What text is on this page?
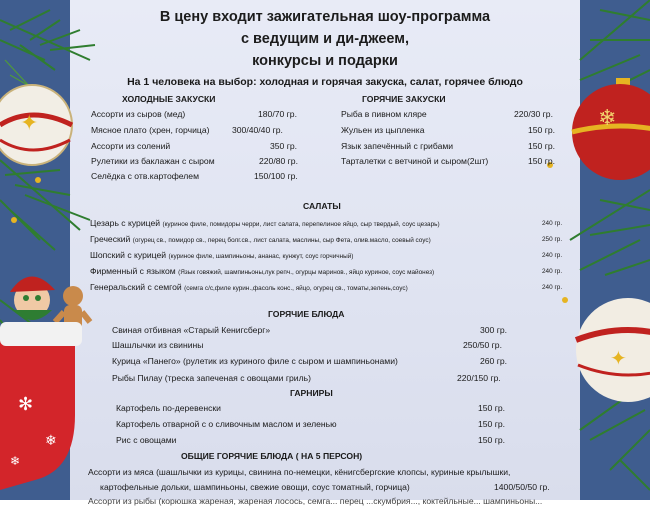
✦
✻
❄
❄
❄
✦
В цену входит зажигательная шоу-программа
с ведущим и ди-джеем,
конкурсы и подарки
На 1 человека на выбор: холодная и горячая закуска, салат, горячее блюдо
ХОЛОДНЫЕ ЗАКУСКИ	ГОРЯЧИЕ ЗАКУСКИ
Ассорти из сыров (мед)	180/70 гр.
Мясное плато (хрен, горчица)	300/40/40 гр.
Ассорти из солений	350 гр.
Рулетики из баклажан с сыром	220/80 гр.
Селёдка с отв.картофелем	150/100 гр.
Рыба в пивном кляре	220/30 гр.
Жульен из цыпленка	150 гр.
Язык запечённый с грибами	150 гр.
Тарталетки с ветчиной и сыром(2шт)	150 гр.
САЛАТЫ
Цезарь с курицей (куриное филе, помидоры черри, лист салата, перепелиное яйцо, сыр твердый, соус цезарь)	240 гр.
Греческий (огурец св., помидор св., перец болг.св., лист салата, маслины, сыр Фета, олив.масло, соевый соус)	250 гр.
Шопский с курицей (куриное филе, шампиньоны, ананас, кунжут, соус горчичный)	240 гр.
Фирменный с языком (Язык говяжий, шампиньоны,лук репч., огурцы маринов., яйцо куриное, соус майонез)	240 гр.
Генеральский с семгой (семга с/с,филе курин.,фасоль конс., яйцо, огурец св., томаты,зелень,соус)	240 гр.
ГОРЯЧИЕ БЛЮДА
Свиная отбивная «Старый Кенигсберг»	300 гр.
Шашлычки из свинины	250/50 гр.
Курица «Панего» (рулетик из куриного филе с сыром и шампиньонами)	260 гр.
Рыбы Пилау (треска запеченая с овощами гриль)	220/150 гр.
ГАРНИРЫ
Картофель по-деревенски	150 гр.
Картофель отварной с о сливочным маслом и зеленью	150 гр.
Рис с овощами	150 гр.
ОБЩИЕ ГОРЯЧИЕ БЛЮДА ( НА 5 ПЕРСОН)
Ассорти из мяса (шашлычки из курицы, свинина по-немецки, кёнигсбергские клопсы, куриные крылышки,
картофельные дольки, шампиньоны, свежие овощи, соус томатный, горчица)	1400/50/50 гр.
Ассорти из рыбы (корюшка жареная, жареная лосось, семга... перец ...скумбрия..., коктейльные... шампиньоны...
